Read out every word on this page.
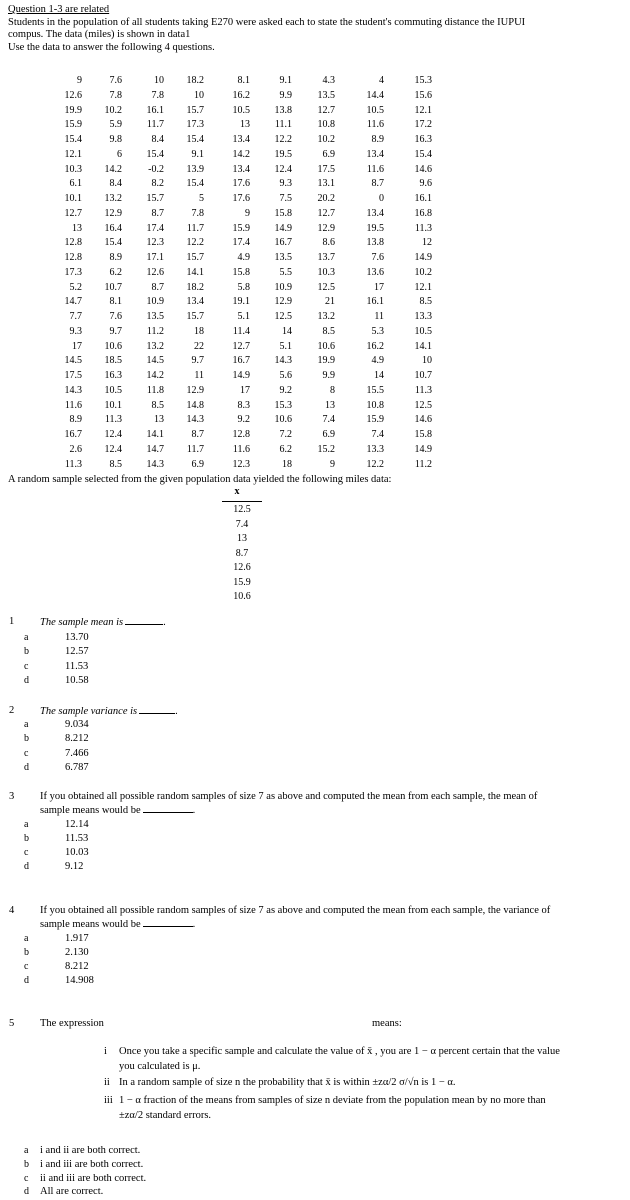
Question 1-3 are related
Students in the population of all students taking E270 were asked each to state the student's commuting distance the IUPUI
compus. The data (miles) is shown in data1
Use the data to answer the following 4 questions.
9	7.6	10	18.2	8.1	9.1	4.3	4	15.3
12.6	7.8	7.8	10	16.2	9.9	13.5	14.4	15.6
19.9	10.2	16.1	15.7	10.5	13.8	12.7	10.5	12.1
15.9	5.9	11.7	17.3	13	11.1	10.8	11.6	17.2
15.4	9.8	8.4	15.4	13.4	12.2	10.2	8.9	16.3
12.1	6	15.4	9.1	14.2	19.5	6.9	13.4	15.4
10.3	14.2	-0.2	13.9	13.4	12.4	17.5	11.6	14.6
6.1	8.4	8.2	15.4	17.6	9.3	13.1	8.7	9.6
10.1	13.2	15.7	5	17.6	7.5	20.2	0	16.1
12.7	12.9	8.7	7.8	9	15.8	12.7	13.4	16.8
13	16.4	17.4	11.7	15.9	14.9	12.9	19.5	11.3
12.8	15.4	12.3	12.2	17.4	16.7	8.6	13.8	12
12.8	8.9	17.1	15.7	4.9	13.5	13.7	7.6	14.9
17.3	6.2	12.6	14.1	15.8	5.5	10.3	13.6	10.2
5.2	10.7	8.7	18.2	5.8	10.9	12.5	17	12.1
14.7	8.1	10.9	13.4	19.1	12.9	21	16.1	8.5
7.7	7.6	13.5	15.7	5.1	12.5	13.2	11	13.3
9.3	9.7	11.2	18	11.4	14	8.5	5.3	10.5
17	10.6	13.2	22	12.7	5.1	10.6	16.2	14.1
14.5	18.5	14.5	9.7	16.7	14.3	19.9	4.9	10
17.5	16.3	14.2	11	14.9	5.6	9.9	14	10.7
14.3	10.5	11.8	12.9	17	9.2	8	15.5	11.3
11.6	10.1	8.5	14.8	8.3	15.3	13	10.8	12.5
8.9	11.3	13	14.3	9.2	10.6	7.4	15.9	14.6
16.7	12.4	14.1	8.7	12.8	7.2	6.9	7.4	15.8
2.6	12.4	14.7	11.7	11.6	6.2	15.2	13.3	14.9
11.3	8.5	14.3	6.9	12.3	18	9	12.2	11.2
A random sample selected from the given population data yielded the following miles data:
x
12.5
7.4
13
8.7
12.6
15.9
10.6
1 The sample mean is	.
a	13.70
b	12.57
c	11.53
d	10.58
2 The sample variance is	.
a	9.034
b	8.212
c	7.466
d	6.787
3 If you obtained all possible random samples of size 7 as above and computed the mean from each sample, the mean of
sample means would be	.
a	12.14
b	11.53
c	10.03
d	9.12
4 If you obtained all possible random samples of size 7 as above and computed the mean from each sample, the variance of
sample means would be	.
a	1.917
b	2.130
c	8.212
d	14.908
5 The expression	means:
i Once you take a specific sample and calculate the value of x̄ , you are 1 − α percent certain that the value
you calculated is μ.
ii In a random sample of size n the probability that x̄ is within ±zα/2 σ/√n is 1 − α.
iii 1 − α fraction of the means from samples of size n deviate from the population mean by no more than
±zα/2 standard errors.
a i and ii are both correct.
b i and iii are both correct.
c ii and iii are both correct.
d All are correct.
